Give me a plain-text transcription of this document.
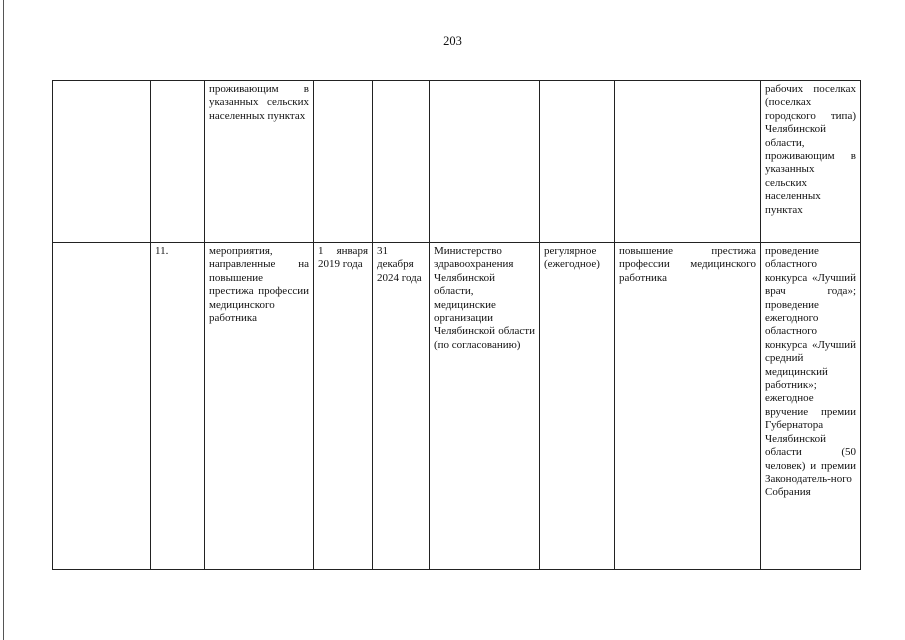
203
		проживающим в указанных сельских населенных пунктах						рабочих поселках (поселках городского типа) Челябинской области, проживающим в указанных сельских населенных пунктах
	11.	мероприятия, направленные на повышение престижа профессии медицинского работника	1 января 2019 года	31 декабря 2024 года	Министерство здравоохранения Челябинской области, медицинские организации Челябинской области (по согласованию)	регулярное (ежегодное)	повышение престижа профессии медицинского работника	проведение областного конкурса «Лучший врач года»; проведение ежегодного областного конкурса «Лучший средний медицинский работник»; ежегодное вручение премии Губернатора Челябинской области (50 человек) и премии Законодатель-ного Собрания
